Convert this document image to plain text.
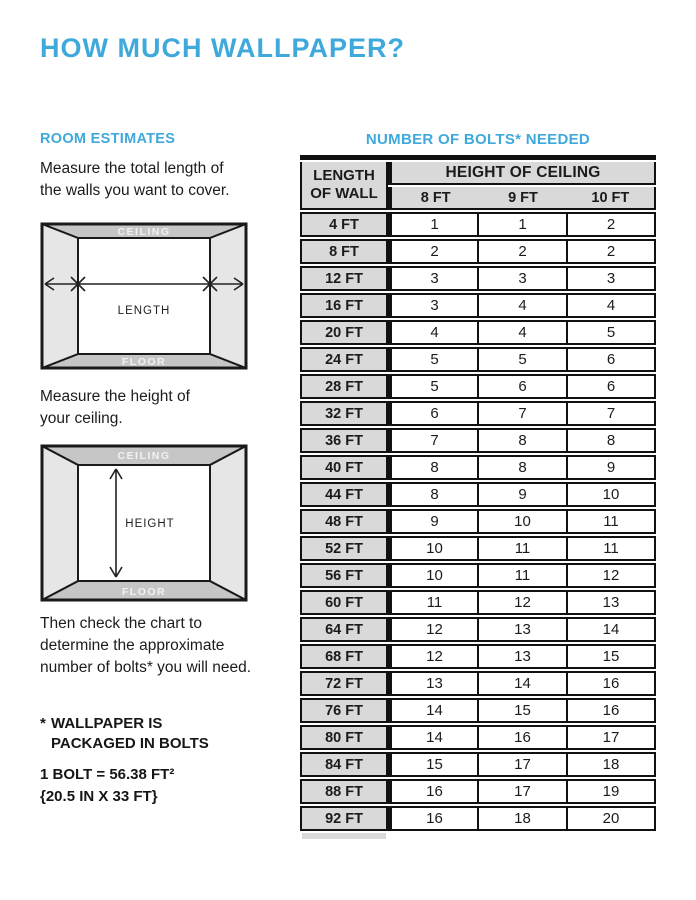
HOW MUCH WALLPAPER?
ROOM ESTIMATES
Measure the total length of
the walls you want to cover.
CEILING
FLOOR
LENGTH
Measure the height of
your ceiling.
CEILING
FLOOR
HEIGHT
Then check the chart to
determine the approximate
number of bolts* you will need.
* WALLPAPER IS
PACKAGED IN BOLTS
1 BOLT = 56.38 FT²
{20.5 IN X 33 FT}
NUMBER OF BOLTS* NEEDED
LENGTH OF WALL	HEIGHT OF CEILING		

	8 FT 9 FT 10 FT		

4 FT	1	1	2
8 FT	2	2	2
12 FT	3	3	3
16 FT	3	4	4
20 FT	4	4	5
24 FT	5	5	6
28 FT	5	6	6
32 FT	6	7	7
36 FT	7	8	8
40 FT	8	8	9
44 FT	8	9	10
48 FT	9	10	11
52 FT	10	11	11
56 FT	10	11	12
60 FT	11	12	13
64 FT	12	13	14
68 FT	12	13	15
72 FT	13	14	16
76 FT	14	15	16
80 FT	14	16	17
84 FT	15	17	18
88 FT	16	17	19
92 FT	16	18	20
